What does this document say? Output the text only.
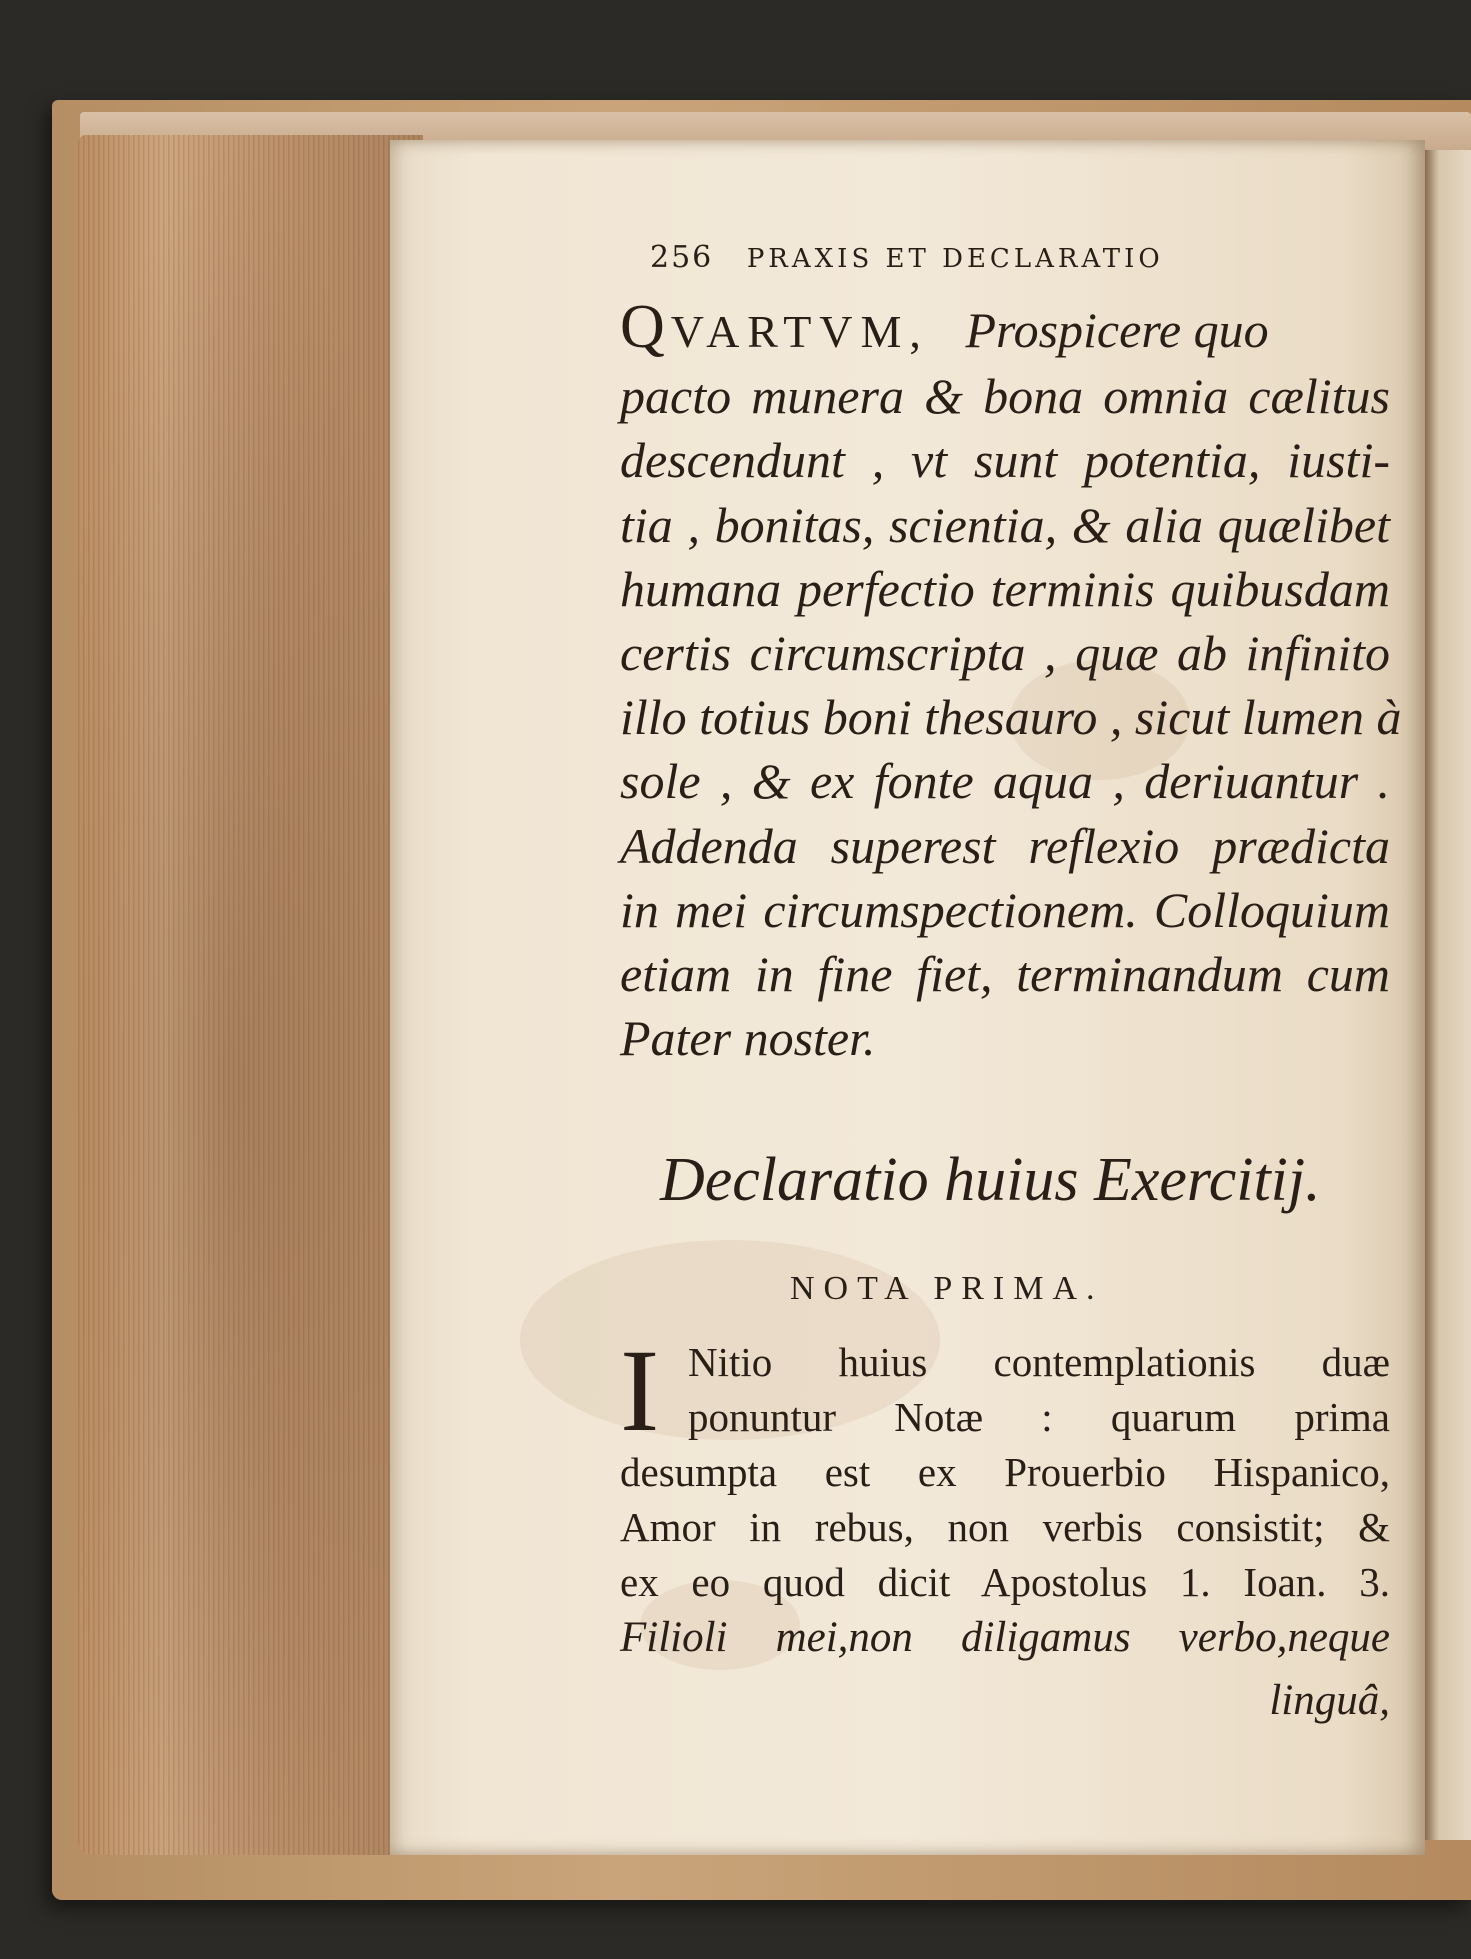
256 PRAXIS ET DECLARATIO
Q VARTVM, Prospicere quo
pacto munera & bona omnia cælitus
descendunt , vt sunt potentia, iusti-
tia , bonitas, scientia, & alia quælibet
humana perfectio terminis quibusdam
certis circumscripta , quæ ab infinito
illo totius boni thesauro , sicut lumen à
sole , & ex fonte aqua , deriuantur .
Addenda superest reflexio prædicta
in mei circumspectionem. Colloquium
etiam in fine fiet, terminandum cum
Pater noster.
Declaratio huius Exercitij.
NOTA PRIMA.
I Nitio huius contemplationis duæ
ponuntur Notæ : quarum prima
desumpta est ex Prouerbio Hispanico,
Amor in rebus, non verbis consistit; &
ex eo quod dicit Apostolus 1. Ioan. 3.
Filioli mei,non diligamus verbo,neque
linguâ,
